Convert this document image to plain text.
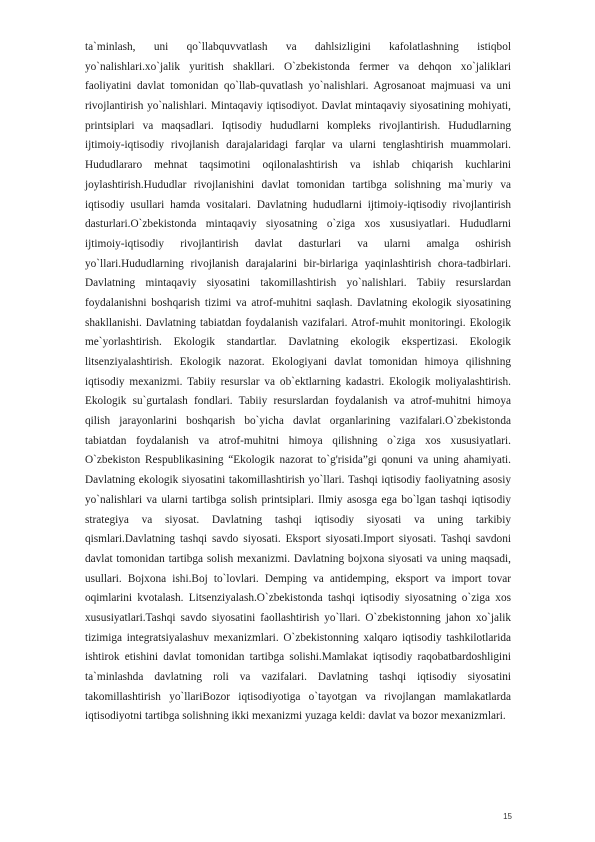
ta`minlash, uni qo`llabquvvatlash va dahlsizligini kafolatlashning istiqbol yo`nalishlari.xo`jalik yuritish shakllari. O`zbekistonda fermer va dehqon xo`jaliklari faoliyatini davlat tomonidan qo`llab-quvatlash yo`nalishlari. Agrosanoat majmuasi va uni rivojlantirish yo`nalishlari. Mintaqaviy iqtisodiyot. Davlat mintaqaviy siyosatining mohiyati, printsiplari va maqsadlari. Iqtisodiy hududlarni kompleks rivojlantirish. Hududlarning ijtimoiy-iqtisodiy rivojlanish darajalaridagi farqlar va ularni tenglashtirish muammolari. Hududlararo mehnat taqsimotini oqilonalashtirish va ishlab chiqarish kuchlarini joylashtirish.Hududlar rivojlanishini davlat tomonidan tartibga solishning ma`muriy va iqtisodiy usullari hamda vositalari. Davlatning hududlarni ijtimoiy-iqtisodiy rivojlantirish dasturlari.O`zbekistonda mintaqaviy siyosatning o`ziga xos xususiyatlari. Hududlarni ijtimoiy-iqtisodiy rivojlantirish davlat dasturlari va ularni amalga oshirish yo`llari.Hududlarning rivojlanish darajalarini bir-birlariga yaqinlashtirish chora-tadbirlari. Davlatning mintaqaviy siyosatini takomillashtirish yo`nalishlari. Tabiiy resurslardan foydalanishni boshqarish tizimi va atrof-muhitni saqlash. Davlatning ekologik siyosatining shakllanishi. Davlatning tabiatdan foydalanish vazifalari. Atrof-muhit monitoringi. Ekologik me`yorlashtirish. Ekologik standartlar. Davlatning ekologik ekspertizasi. Ekologik litsenziyalashtirish. Ekologik nazorat. Ekologiyani davlat tomonidan himoya qilishning iqtisodiy mexanizmi. Tabiiy resurslar va ob`ektlarning kadastri. Ekologik moliyalashtirish. Ekologik su`gurtalash fondlari. Tabiiy resurslardan foydalanish va atrof-muhitni himoya qilish jarayonlarini boshqarish bo`yicha davlat organlarining vazifalari.O`zbekistonda tabiatdan foydalanish va atrof-muhitni himoya qilishning o`ziga xos xususiyatlari. O`zbekiston Respublikasining “Ekologik nazorat to`g'risida”gi qonuni va uning ahamiyati. Davlatning ekologik siyosatini takomillashtirish yo`llari. Tashqi iqtisodiy faoliyatning asosiy yo`nalishlari va ularni tartibga solish printsiplari. Ilmiy asosga ega bo`lgan tashqi iqtisodiy strategiya va siyosat. Davlatning tashqi iqtisodiy siyosati va uning tarkibiy qismlari.Davlatning tashqi savdo siyosati. Eksport siyosati.Import siyosati. Tashqi savdoni davlat tomonidan tartibga solish mexanizmi. Davlatning bojxona siyosati va uning maqsadi, usullari. Bojxona ishi.Boj to`lovlari. Demping va antidemping, eksport va import tovar oqimlarini kvotalash. Litsenziyalash.O`zbekistonda tashqi iqtisodiy siyosatning o`ziga xos xususiyatlari.Tashqi savdo siyosatini faollashtirish yo`llari. O`zbekistonning jahon xo`jalik tizimiga integratsiyalashuv mexanizmlari. O`zbekistonning xalqaro iqtisodiy tashkilotlarida ishtirok etishini davlat tomonidan tartibga solishi.Mamlakat iqtisodiy raqobatbardoshligini ta`minlashda davlatning roli va vazifalari. Davlatning tashqi iqtisodiy siyosatini takomillashtirish yo`llariBozor iqtisodiyotiga o`tayotgan va rivojlangan mamlakatlarda iqtisodiyotni tartibga solishning ikki mexanizmi yuzaga keldi: davlat va bozor mexanizmlari.

15
